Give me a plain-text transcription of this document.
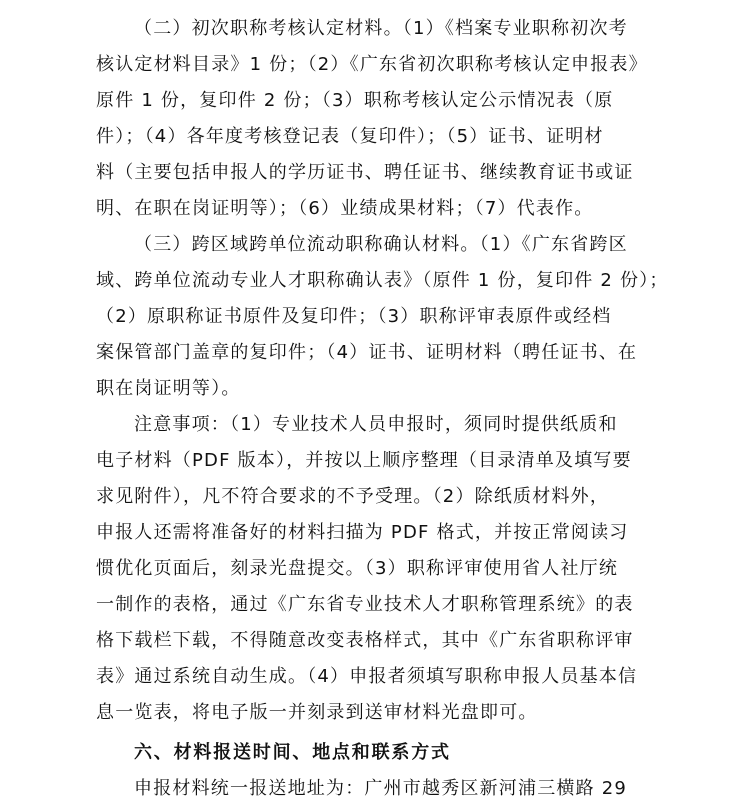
（二）初次职称考核认定材料。（1）《档案专业职称初次考
核认定材料目录》1 份；（2）《广东省初次职称考核认定申报表》
原件 1 份，复印件 2 份；（3）职称考核认定公示情况表（原
件）；（4）各年度考核登记表（复印件）；（5）证书、证明材
料（主要包括申报人的学历证书、聘任证书、继续教育证书或证
明、在职在岗证明等）；（6）业绩成果材料；（7）代表作。
（三）跨区域跨单位流动职称确认材料。（1）《广东省跨区
域、跨单位流动专业人才职称确认表》（原件 1 份，复印件 2 份）；
（2）原职称证书原件及复印件；（3）职称评审表原件或经档
案保管部门盖章的复印件；（4）证书、证明材料（聘任证书、在
职在岗证明等）。
注意事项：（1）专业技术人员申报时，须同时提供纸质和
电子材料（PDF 版本），并按以上顺序整理（目录清单及填写要
求见附件），凡不符合要求的不予受理。（2）除纸质材料外，
申报人还需将准备好的材料扫描为 PDF 格式，并按正常阅读习
惯优化页面后，刻录光盘提交。（3）职称评审使用省人社厅统
一制作的表格，通过《广东省专业技术人才职称管理系统》的表
格下载栏下载，不得随意改变表格样式，其中《广东省职称评审
表》通过系统自动生成。（4）申报者须填写职称申报人员基本信
息一览表，将电子版一并刻录到送审材料光盘即可。
六、材料报送时间、地点和联系方式
申报材料统一报送地址为：广州市越秀区新河浦三横路 29
